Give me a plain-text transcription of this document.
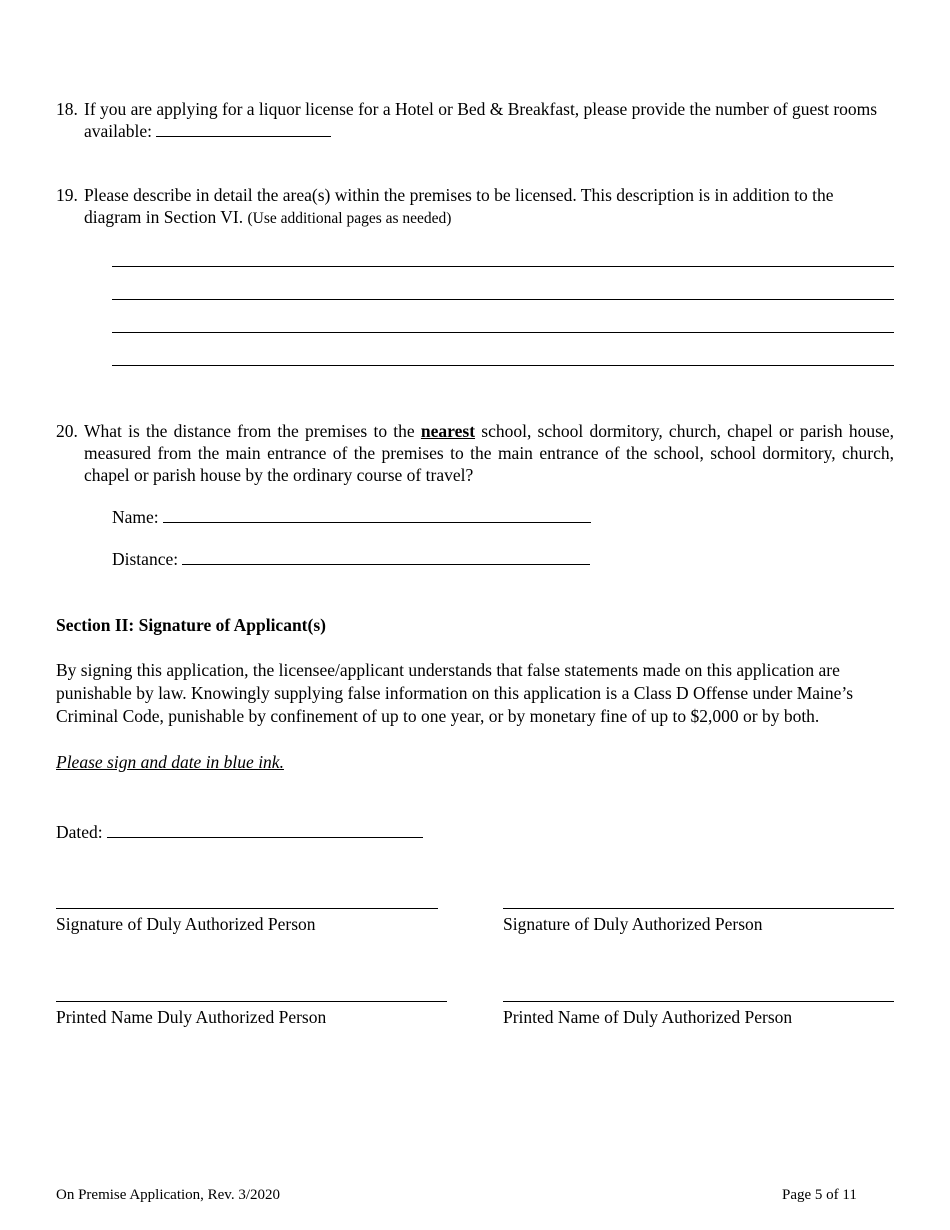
18. If you are applying for a liquor license for a Hotel or Bed & Breakfast, please provide the number of guest rooms available:
19. Please describe in detail the area(s) within the premises to be licensed. This description is in addition to the diagram in Section VI. (Use additional pages as needed)
20. What is the distance from the premises to the nearest school, school dormitory, church, chapel or parish house, measured from the main entrance of the premises to the main entrance of the school, school dormitory, church, chapel or parish house by the ordinary course of travel?
Name:
Distance:
Section II: Signature of Applicant(s)
By signing this application, the licensee/applicant understands that false statements made on this application are punishable by law. Knowingly supplying false information on this application is a Class D Offense under Maine’s Criminal Code, punishable by confinement of up to one year, or by monetary fine of up to $2,000 or by both.
Please sign and date in blue ink.
Dated:
Signature of Duly Authorized Person	Signature of Duly Authorized Person
Printed Name Duly Authorized Person	Printed Name of Duly Authorized Person
On Premise Application, Rev. 3/2020	Page 5 of 11
